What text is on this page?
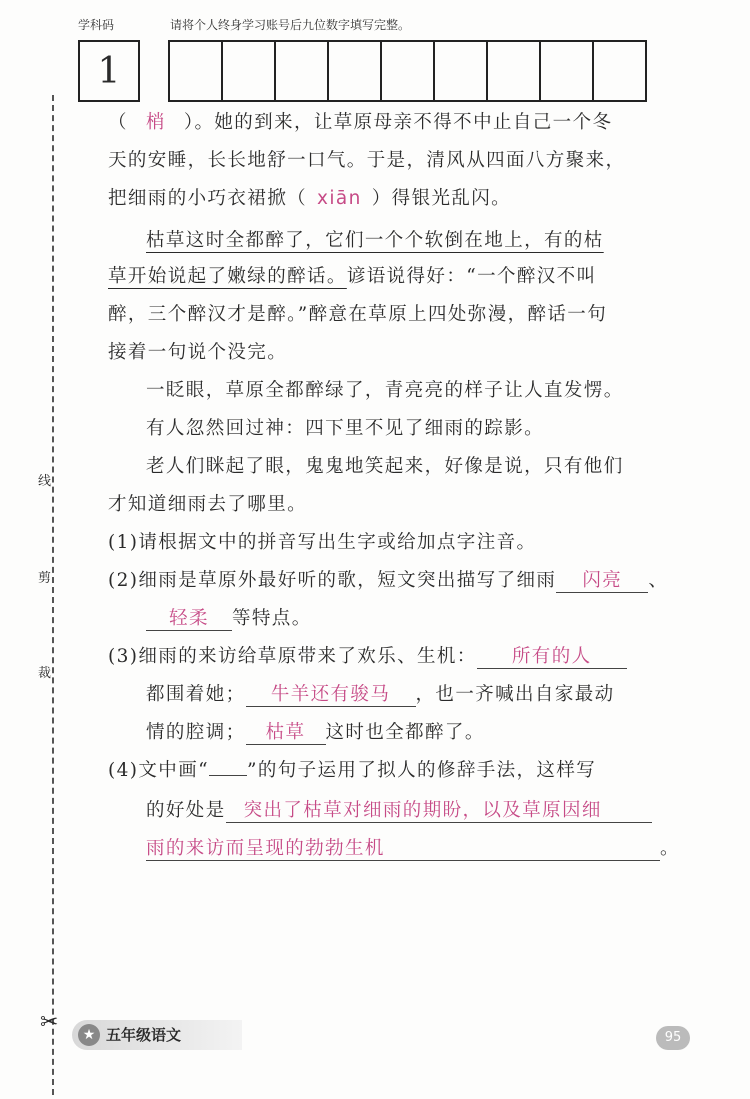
学科码	请将个人终身学习账号后九位数字填写完整。
1
线
剪
裁
✂
（ 梢 ）。她的到来，让草原母亲不得不中止自己一个冬
天的安睡，长长地舒一口气。于是，清风从四面八方聚来，
把细雨的小巧衣裙掀（ xiān ）得银光乱闪。
枯草这时全都醉了，它们一个个软倒在地上，有的枯
草开始说起了嫩绿的醉话。谚语说得好：“一个醉汉不叫
醉，三个醉汉才是醉。”醉意在草原上四处弥漫，醉话一句
接着一句说个没完。
一眨眼，草原全都醉绿了，青亮亮的样子让人直发愣。
有人忽然回过神：四下里不见了细雨的踪影。
老人们眯起了眼，鬼鬼地笑起来，好像是说，只有他们
才知道细雨去了哪里。
(1)请根据文中的拼音写出生字或给加点字注音。
(2)细雨是草原外最好听的歌，短文突出描写了细雨 闪亮 、
轻柔 等特点。
(3)细雨的来访给草原带来了欢乐、生机： 所有的人
都围着她； 牛羊还有骏马 ，也一齐喊出自家最动
情的腔调； 枯草 这时也全都醉了。
(4)文中画“ ”的句子运用了拟人的修辞手法，这样写
的好处是 突出了枯草对细雨的期盼，以及草原因细
雨的来访而呈现的勃勃生机	。
★ 五年级语文	95
